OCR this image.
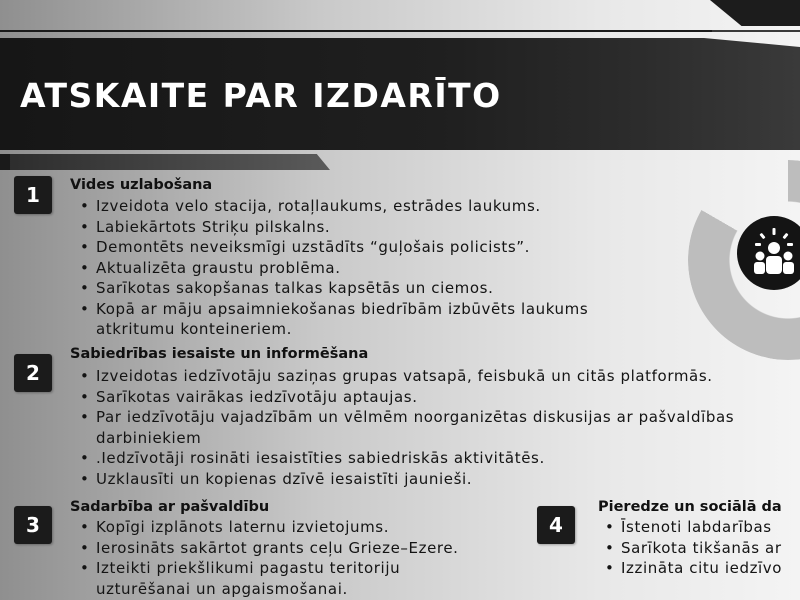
ATSKAITE PAR IZDARĪTO
1	Vides uzlabošana
• Izveidota velo stacija, rotaļlaukums, estrādes laukums.
• Labiekārtots Striķu pilskalns.
• Demontēts neveiksmīgi uzstādīts “guļošais policists”.
• Aktualizēta graustu problēma.
• Sarīkotas sakopšanas talkas kapsētās un ciemos.
• Kopā ar māju apsaimniekošanas biedrībām izbūvēts laukums
atkritumu konteineriem.
2
Sabiedrības iesaiste un informēšana
• Izveidotas iedzīvotāju saziņas grupas vatsapā, feisbukā un citās platformās.
• Sarīkotas vairākas iedzīvotāju aptaujas.
• Par iedzīvotāju vajadzībām un vēlmēm noorganizētas diskusijas ar pašvaldības
darbiniekiem
• .Iedzīvotāji rosināti iesaistīties sabiedriskās aktivitātēs.
• Uzklausīti un kopienas dzīvē iesaistīti jaunieši.
3
Sadarbība ar pašvaldību
• Kopīgi izplānots laternu izvietojums.
• Ierosināts sakārtot grants ceļu Grieze–Ezere.
• Izteikti priekšlikumi pagastu teritoriju
uzturēšanai un apgaismošanai.
4
Pieredze un sociālā da
• Īstenoti labdarības
• Sarīkota tikšanās ar
• Izzināta citu iedzīvo
